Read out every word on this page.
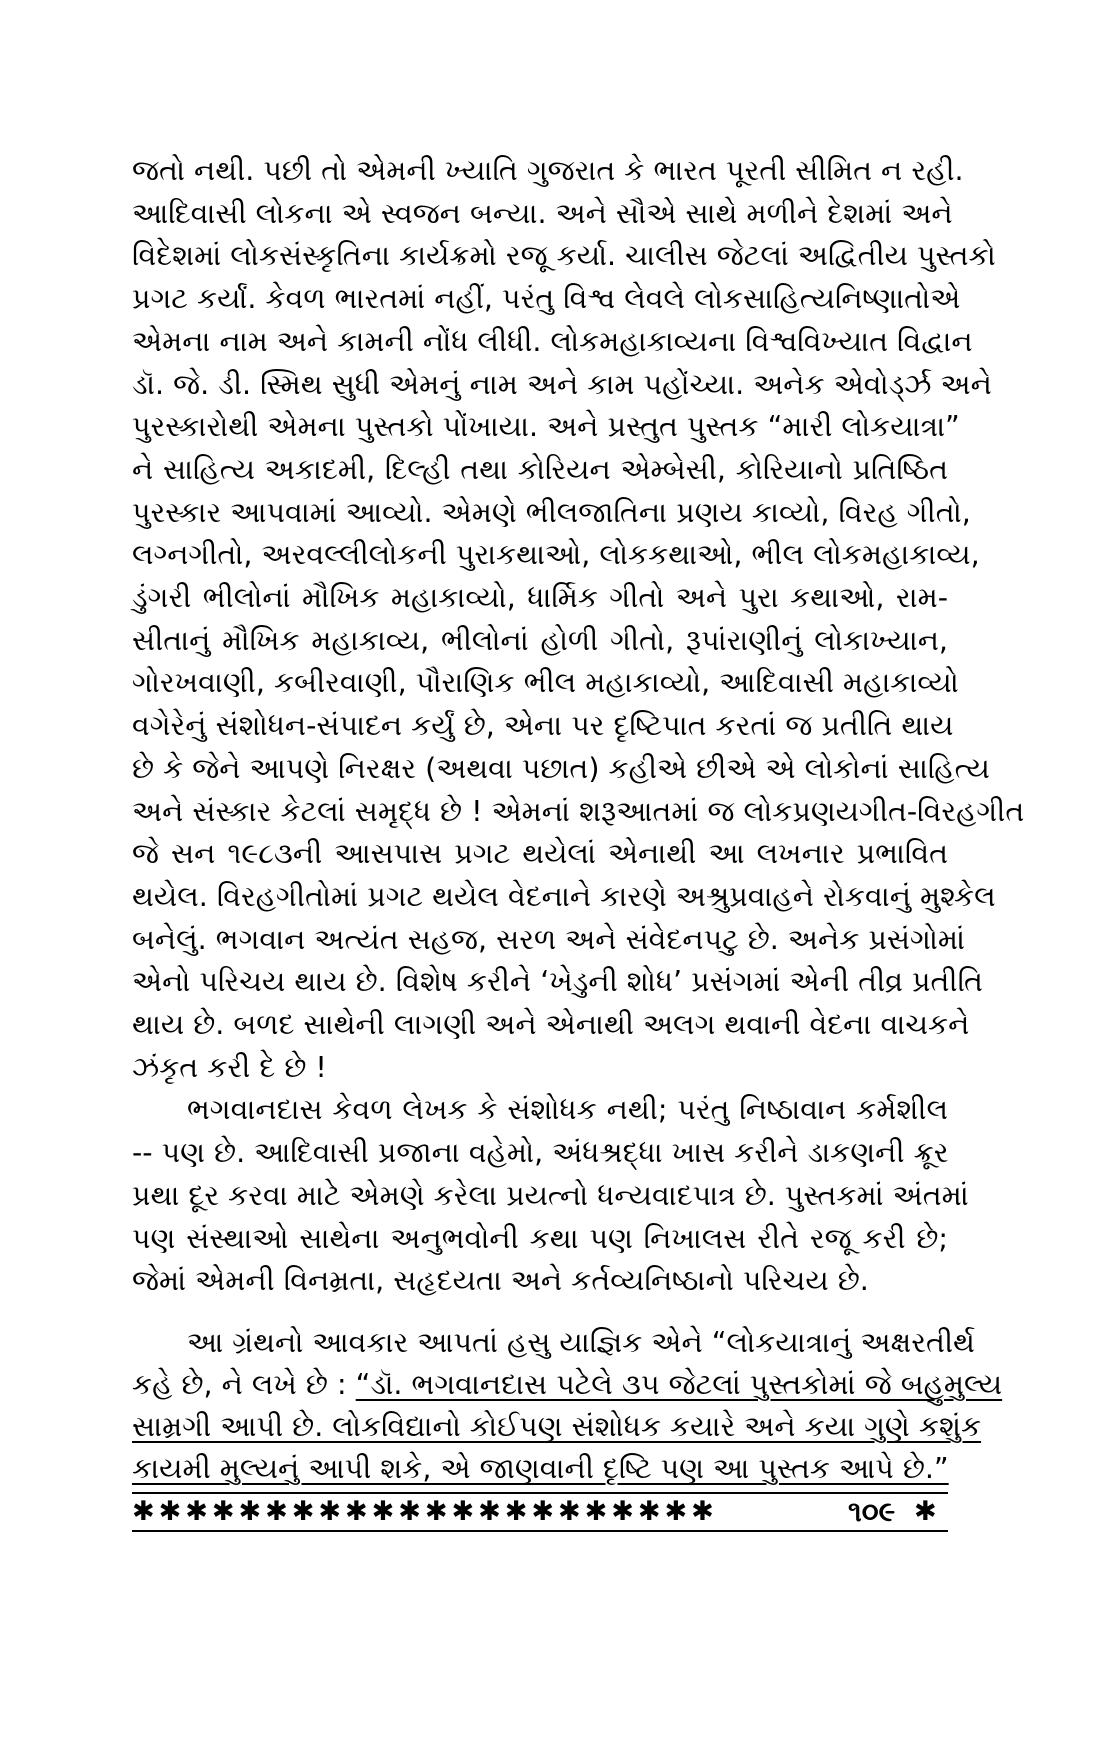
જતો નથી. પછી તો એમની ખ્યાતિ ગુજરાત કે ભારત પૂરતી સીમિત ન રહી.
આદિવાસી લોકના એ સ્વજન બન્યા. અને સૌએ સાથે મળીને દેશમાં અને
વિદેશમાં લોકસંસ્કૃતિના કાર્યક્રમો રજૂ કર્યા. ચાલીસ જેટલાં અદ્વિતીય પુસ્તકો
પ્રગટ કર્યાં. કેવળ ભારતમાં નહીં, પરંતુ વિશ્વ લેવલે લોકસાહિત્યનિષ્ણાતોએ
એમના નામ અને કામની નોંધ લીધી. લોકમહાકાવ્યના વિશ્વવિખ્યાત વિદ્વાન
ડૉ. જે. ડી. સ્મિથ સુધી એમનું નામ અને કામ પહોંચ્યા. અનેક એવોર્ડ્ઝ અને
પુરસ્કારોથી એમના પુસ્તકો પોંખાયા. અને પ્રસ્તુત પુસ્તક “મારી લોકયાત્રા”
ને સાહિત્ય અકાદમી, દિલ્હી તથા કોરિયન એમ્બેસી, કોરિયાનો પ્રતિષ્ઠિત
પુરસ્કાર આપવામાં આવ્યો. એમણે ભીલજાતિના પ્રણય કાવ્યો, વિરહ ગીતો,
લગ્નગીતો, અરવલ્લીલોકની પુરાકથાઓ, લોકકથાઓ, ભીલ લોકમહાકાવ્ય,
ડુંગરી ભીલોનાં મૌખિક મહાકાવ્યો, ધાર્મિક ગીતો અને પુરા કથાઓ, રામ-
સીતાનું મૌખિક મહાકાવ્ય, ભીલોનાં હોળી ગીતો, રૂપાંરાણીનું લોકાખ્યાન,
ગોરખવાણી, કબીરવાણી, પૌરાણિક ભીલ મહાકાવ્યો, આદિવાસી મહાકાવ્યો
વગેરેનું સંશોધન-સંપાદન કર્યું છે, એના પર દૃષ્ટિપાત કરતાં જ પ્રતીતિ થાય
છે કે જેને આપણે નિરક્ષર (અથવા પછાત) કહીએ છીએ એ લોકોનાં સાહિત્ય
અને સંસ્કાર કેટલાં સમૃદ્ધ છે ! એમનાં શરૂઆતમાં જ લોકપ્રણયગીત-વિરહગીત
જે સન ૧૯૮૩ની આસપાસ પ્રગટ થયેલાં એનાથી આ લખનાર પ્રભાવિત
થયેલ. વિરહગીતોમાં પ્રગટ થયેલ વેદનાને કારણે અશ્રુપ્રવાહને રોકવાનું મુશ્કેલ
બનેલું. ભગવાન અત્યંત સહજ, સરળ અને સંવેદનપટુ છે. અનેક પ્રસંગોમાં
એનો પરિચય થાય છે. વિશેષ કરીને ‘ખેડુની શોધ’ પ્રસંગમાં એની તીવ્ર પ્રતીતિ
થાય છે. બળદ સાથેની લાગણી અને એનાથી અલગ થવાની વેદના વાચકને
ઝંકૃત કરી દે છે !
ભગવાનદાસ કેવળ લેખક કે સંશોધક નથી; પરંતુ નિષ્ઠાવાન કર્મશીલ
-- પણ છે. આદિવાસી પ્રજાના વહેમો, અંધશ્રદ્ધા ખાસ કરીને ડાકણની ક્રૂર
પ્રથા દૂર કરવા માટે એમણે કરેલા પ્રયત્નો ધન્યવાદપાત્ર છે. પુસ્તકમાં અંતમાં
પણ સંસ્થાઓ સાથેના અનુભવોની કથા પણ નિખાલસ રીતે રજૂ કરી છે;
જેમાં એમની વિનમ્રતા, સહૃદયતા અને કર્તવ્યનિષ્ઠાનો પરિચય છે.
આ ગ્રંથનો આવકાર આપતાં હસુ યાજ્ઞિક એને “લોકયાત્રાનું અક્ષરતીર્થ
કહે છે, ને લખે છે : “ડૉ. ભગવાનદાસ પટેલે ૩૫ જેટલાં પુસ્તકોમાં જે બહુમુલ્ય
સામ્રગી આપી છે. લોકવિદ્યાનો કોઈપણ સંશોધક કયારે અને કયા ગુણે કશુંક
કાયમી મુલ્યનું આપી શકે, એ જાણવાની દૃષ્ટિ પણ આ પુસ્તક આપે છે.”
✱✱✱✱✱✱✱✱✱✱✱✱✱✱✱✱✱✱✱✱✱✱	૧૦૯ ✱
